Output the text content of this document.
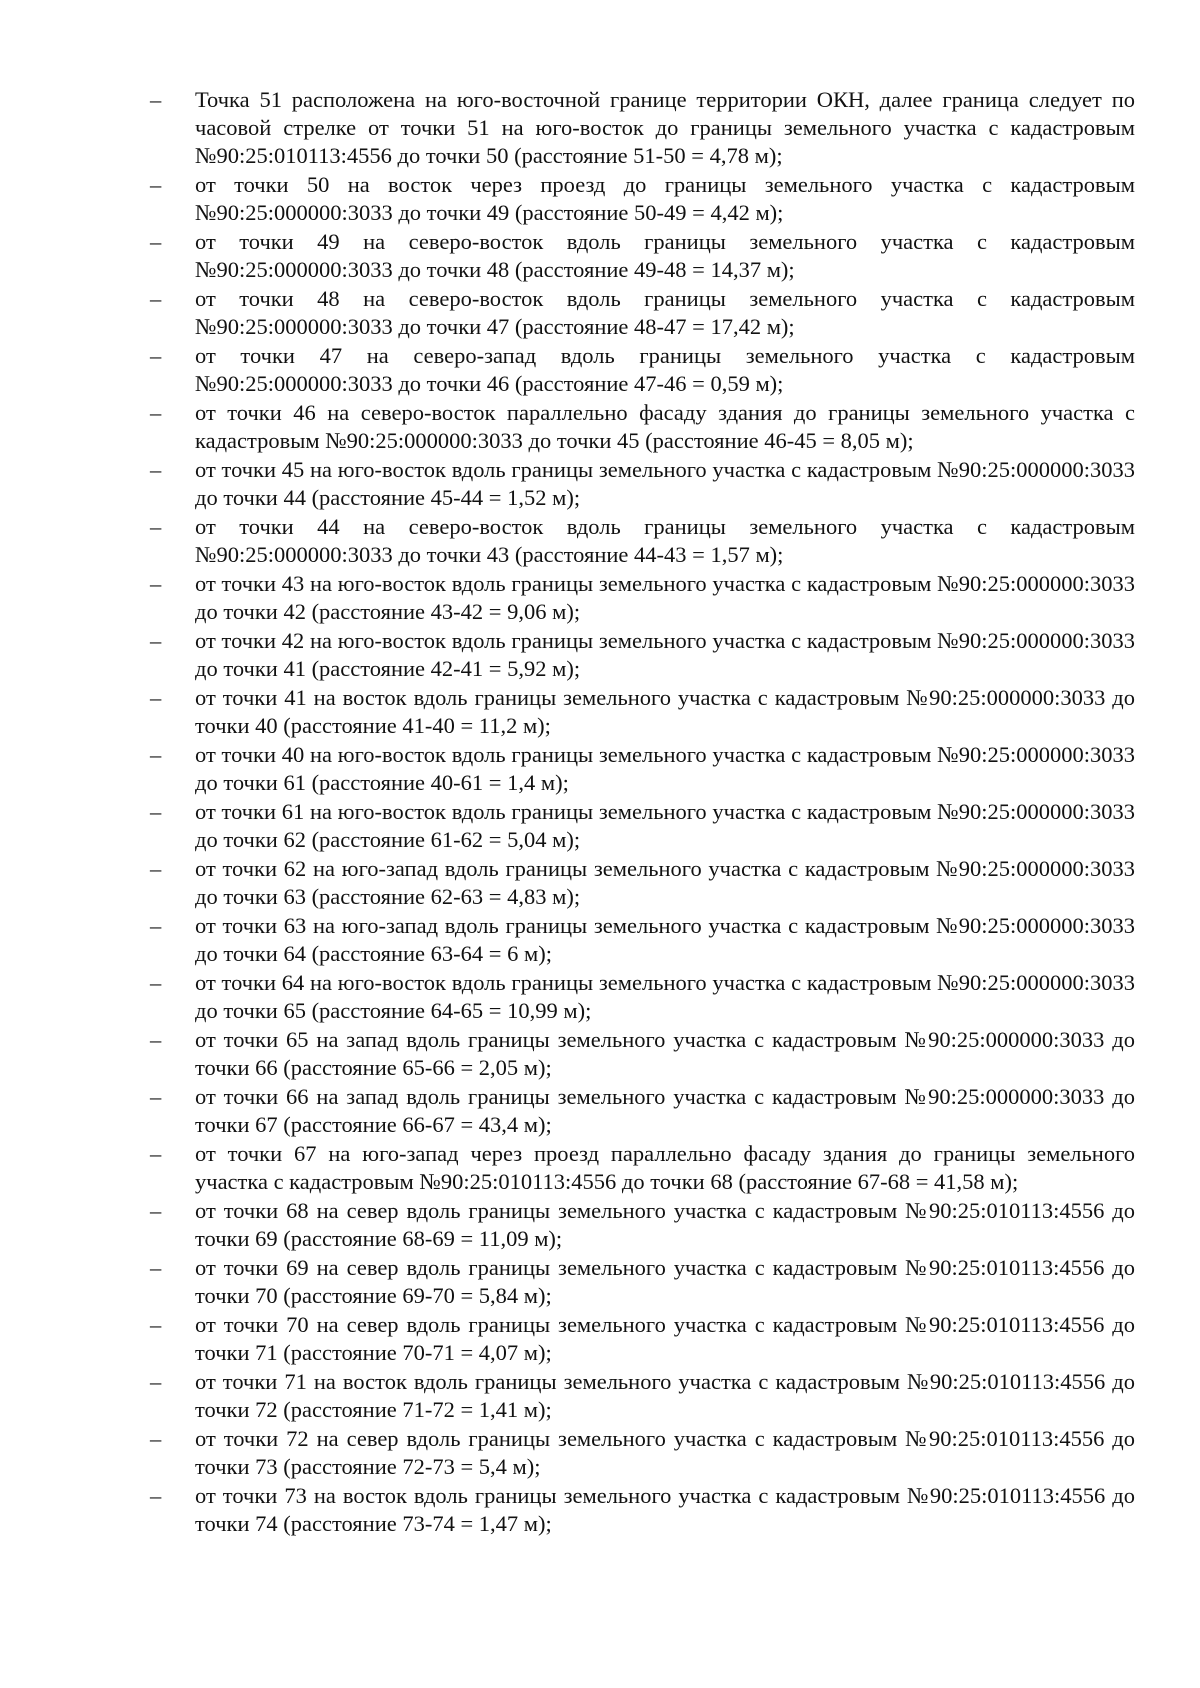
–	Точка 51 расположена на юго-восточной границе территории ОКН, далее граница следует по часовой стрелке от точки 51 на юго-восток до границы земельного участка с кадастровым №90:25:010113:4556 до точки 50 (расстояние 51-50 = 4,78 м);
–	от точки 50 на восток через проезд до границы земельного участка с кадастровым №90:25:000000:3033 до точки 49 (расстояние 50-49 = 4,42 м);
–	от точки 49 на северо-восток вдоль границы земельного участка с кадастровым №90:25:000000:3033 до точки 48 (расстояние 49-48 = 14,37 м);
–	от точки 48 на северо-восток вдоль границы земельного участка с кадастровым №90:25:000000:3033 до точки 47 (расстояние 48-47 = 17,42 м);
–	от точки 47 на северо-запад вдоль границы земельного участка с кадастровым №90:25:000000:3033 до точки 46 (расстояние 47-46 = 0,59 м);
–	от точки 46 на северо-восток параллельно фасаду здания до границы земельного участка с кадастровым №90:25:000000:3033 до точки 45 (расстояние 46-45 = 8,05 м);
–	от точки 45 на юго-восток вдоль границы земельного участка с кадастровым №90:25:000000:3033 до точки 44 (расстояние 45-44 = 1,52 м);
–	от точки 44 на северо-восток вдоль границы земельного участка с кадастровым №90:25:000000:3033 до точки 43 (расстояние 44-43 = 1,57 м);
–	от точки 43 на юго-восток вдоль границы земельного участка с кадастровым №90:25:000000:3033 до точки 42 (расстояние 43-42 = 9,06 м);
–	от точки 42 на юго-восток вдоль границы земельного участка с кадастровым №90:25:000000:3033 до точки 41 (расстояние 42-41 = 5,92 м);
–	от точки 41 на восток вдоль границы земельного участка с кадастровым №90:25:000000:3033 до точки 40 (расстояние 41-40 = 11,2 м);
–	от точки 40 на юго-восток вдоль границы земельного участка с кадастровым №90:25:000000:3033 до точки 61 (расстояние 40-61 = 1,4 м);
–	от точки 61 на юго-восток вдоль границы земельного участка с кадастровым №90:25:000000:3033 до точки 62 (расстояние 61-62 = 5,04 м);
–	от точки 62 на юго-запад вдоль границы земельного участка с кадастровым №90:25:000000:3033 до точки 63 (расстояние 62-63 = 4,83 м);
–	от точки 63 на юго-запад вдоль границы земельного участка с кадастровым №90:25:000000:3033 до точки 64 (расстояние 63-64 = 6 м);
–	от точки 64 на юго-восток вдоль границы земельного участка с кадастровым №90:25:000000:3033 до точки 65 (расстояние 64-65 = 10,99 м);
–	от точки 65 на запад вдоль границы земельного участка с кадастровым №90:25:000000:3033 до точки 66 (расстояние 65-66 = 2,05 м);
–	от точки 66 на запад вдоль границы земельного участка с кадастровым №90:25:000000:3033 до точки 67 (расстояние 66-67 = 43,4 м);
–	от точки 67 на юго-запад через проезд параллельно фасаду здания до границы земельного участка с кадастровым №90:25:010113:4556 до точки 68 (расстояние 67-68 = 41,58 м);
–	от точки 68 на север вдоль границы земельного участка с кадастровым №90:25:010113:4556 до точки 69 (расстояние 68-69 = 11,09 м);
–	от точки 69 на север вдоль границы земельного участка с кадастровым №90:25:010113:4556 до точки 70 (расстояние 69-70 = 5,84 м);
–	от точки 70 на север вдоль границы земельного участка с кадастровым №90:25:010113:4556 до точки 71 (расстояние 70-71 = 4,07 м);
–	от точки 71 на восток вдоль границы земельного участка с кадастровым №90:25:010113:4556 до точки 72 (расстояние 71-72 = 1,41 м);
–	от точки 72 на север вдоль границы земельного участка с кадастровым №90:25:010113:4556 до точки 73 (расстояние 72-73 = 5,4 м);
–	от точки 73 на восток вдоль границы земельного участка с кадастровым №90:25:010113:4556 до точки 74 (расстояние 73-74 = 1,47 м);
